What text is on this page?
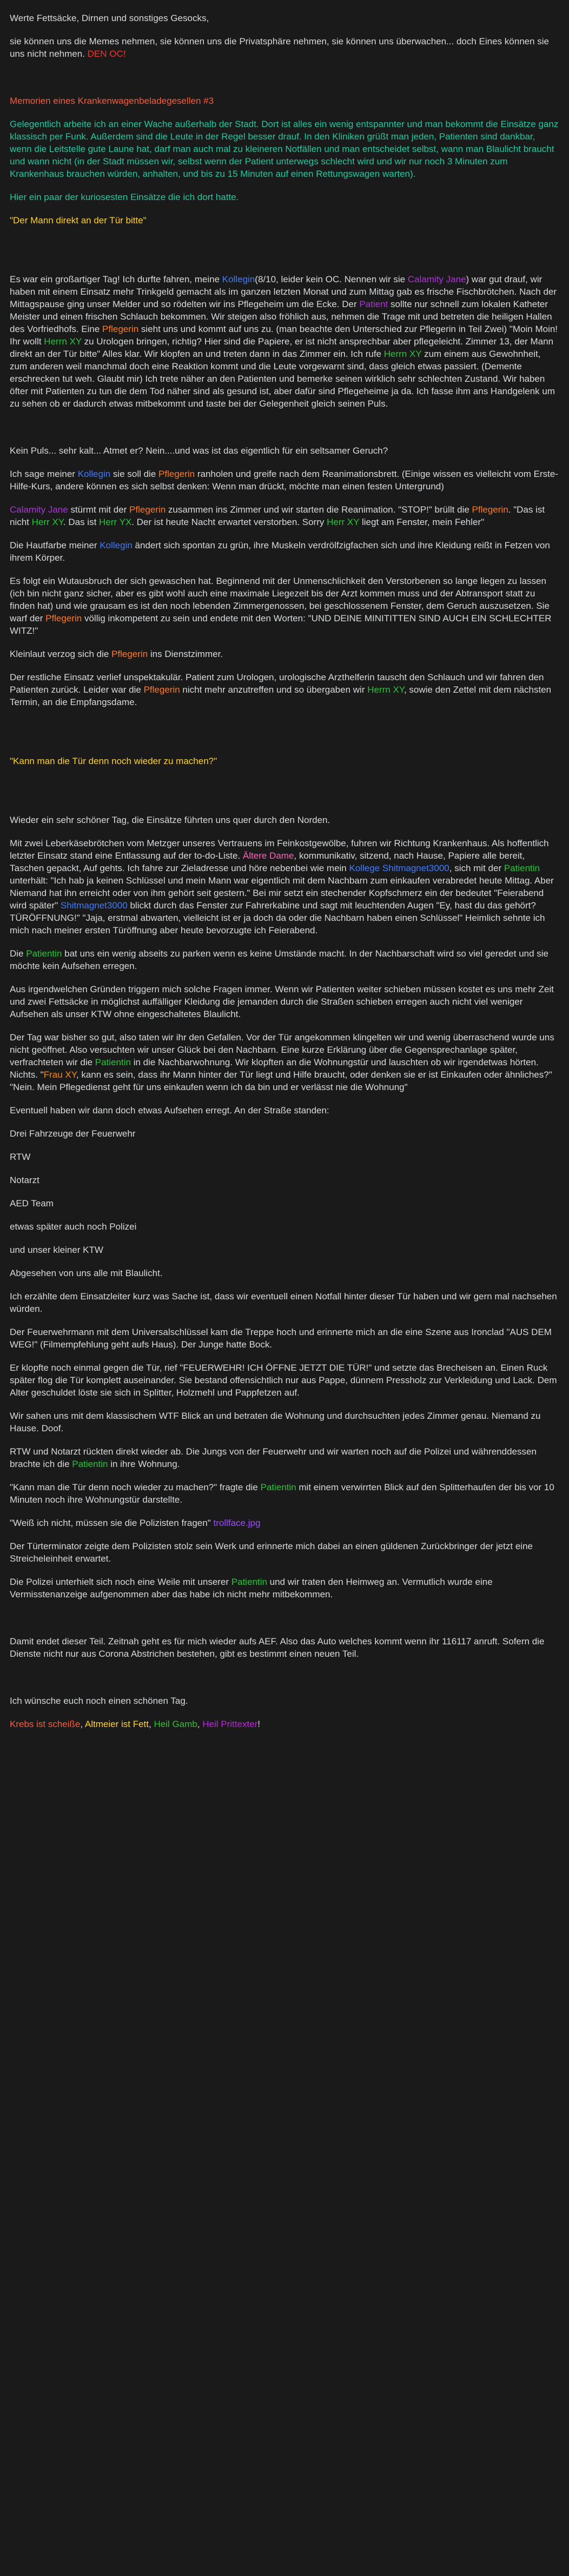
Werte Fettsäcke, Dirnen und sonstiges Gesocks,

sie können uns die Memes nehmen, sie können uns die Privatsphäre nehmen, sie können uns überwachen... doch Eines können sie uns nicht nehmen. DEN OC!

Memorien eines Krankenwagenbeladegesellen #3

Gelegentlich arbeite ich an einer Wache außerhalb der Stadt. Dort ist alles ein wenig entspannter und man bekommt die Einsätze ganz klassisch per Funk. Außerdem sind die Leute in der Regel besser drauf. In den Kliniken grüßt man jeden, Patienten sind dankbar, wenn die Leitstelle gute Laune hat, darf man auch mal zu kleineren Notfällen und man entscheidet selbst, wann man Blaulicht braucht und wann nicht (in der Stadt müssen wir, selbst wenn der Patient unterwegs schlecht wird und wir nur noch 3 Minuten zum Krankenhaus brauchen würden, anhalten, und bis zu 15 Minuten auf einen Rettungswagen warten).

Hier ein paar der kuriosesten Einsätze die ich dort hatte.

"Der Mann direkt an der Tür bitte"

Es war ein großartiger Tag! Ich durfte fahren, meine Kollegin(8/10, leider kein OC. Nennen wir sie Calamity Jane) war gut drauf, wir haben mit einem Einsatz mehr Trinkgeld gemacht als im ganzen letzten Monat und zum Mittag gab es frische Fischbrötchen. Nach der Mittagspause ging unser Melder und so rödelten wir ins Pflegeheim um die Ecke. Der Patient sollte nur schnell zum lokalen Katheter Meister und einen frischen Schlauch bekommen. Wir steigen also fröhlich aus, nehmen die Trage mit und betreten die heiligen Hallen des Vorfriedhofs. Eine Pflegerin sieht uns und kommt auf uns zu. (man beachte den Unterschied zur Pflegerin in Teil Zwei) "Moin Moin! Ihr wollt Herrn XY zu Urologen bringen, richtig? Hier sind die Papiere, er ist nicht ansprechbar aber pflegeleicht. Zimmer 13, der Mann direkt an der Tür bitte" Alles klar. Wir klopfen an und treten dann in das Zimmer ein. Ich rufe Herrn XY zum einem aus Gewohnheit, zum anderen weil manchmal doch eine Reaktion kommt und die Leute vorgewarnt sind, dass gleich etwas passiert. (Demente erschrecken tut weh. Glaubt mir) Ich trete näher an den Patienten und bemerke seinen wirklich sehr schlechten Zustand. Wir haben öfter mit Patienten zu tun die dem Tod näher sind als gesund ist, aber dafür sind Pflegeheime ja da. Ich fasse ihm ans Handgelenk um zu sehen ob er dadurch etwas mitbekommt und taste bei der Gelegenheit gleich seinen Puls.

Kein Puls... sehr kalt... Atmet er? Nein....und was ist das eigentlich für ein seltsamer Geruch?

Ich sage meiner Kollegin sie soll die Pflegerin ranholen und greife nach dem Reanimationsbrett. (Einige wissen es vielleicht vom Erste-Hilfe-Kurs, andere können es sich selbst denken: Wenn man drückt, möchte man einen festen Untergrund)

Calamity Jane stürmt mit der Pflegerin zusammen ins Zimmer und wir starten die Reanimation. "STOP!" brüllt die Pflegerin. "Das ist nicht Herr XY. Das ist Herr YX. Der ist heute Nacht erwartet verstorben. Sorry Herr XY liegt am Fenster, mein Fehler"

Die Hautfarbe meiner Kollegin ändert sich spontan zu grün, ihre Muskeln verdrölfzigfachen sich und ihre Kleidung reißt in Fetzen von ihrem Körper.

Es folgt ein Wutausbruch der sich gewaschen hat. Beginnend mit der Unmenschlichkeit den Verstorbenen so lange liegen zu lassen (ich bin nicht ganz sicher, aber es gibt wohl auch eine maximale Liegezeit bis der Arzt kommen muss und der Abtransport statt zu finden hat) und wie grausam es ist den noch lebenden Zimmergenossen, bei geschlossenem Fenster, dem Geruch auszusetzen. Sie warf der Pflegerin völlig inkompetent zu sein und endete mit den Worten: "UND DEINE MINITITTEN SIND AUCH EIN SCHLECHTER WITZ!"

Kleinlaut verzog sich die Pflegerin ins Dienstzimmer.

Der restliche Einsatz verlief unspektakulär. Patient zum Urologen, urologische Arzthelferin tauscht den Schlauch und wir fahren den Patienten zurück. Leider war die Pflegerin nicht mehr anzutreffen und so übergaben wir Herrn XY, sowie den Zettel mit dem nächsten Termin, an die Empfangsdame.

"Kann man die Tür denn noch wieder zu machen?"

Wieder ein sehr schöner Tag, die Einsätze führten uns quer durch den Norden.

Mit zwei Leberkäsebrötchen vom Metzger unseres Vertrauens im Feinkostgewölbe, fuhren wir Richtung Krankenhaus. Als hoffentlich letzter Einsatz stand eine Entlassung auf der to-do-Liste. Ältere Dame, kommunikativ, sitzend, nach Hause, Papiere alle bereit, Taschen gepackt, Auf gehts. Ich fahre zur Zieladresse und höre nebenbei wie mein Kollege Shitmagnet3000, sich mit der Patientin unterhält: "Ich hab ja keinen Schlüssel und mein Mann war eigentlich mit dem Nachbarn zum einkaufen verabredet heute Mittag. Aber Niemand hat ihn erreicht oder von ihm gehört seit gestern." Bei mir setzt ein stechender Kopfschmerz ein der bedeutet "Feierabend wird später" Shitmagnet3000 blickt durch das Fenster zur Fahrerkabine und sagt mit leuchtenden Augen "Ey, hast du das gehört? TÜRÖFFNUNG!" "Jaja, erstmal abwarten, vielleicht ist er ja doch da oder die Nachbarn haben einen Schlüssel" Heimlich sehnte ich mich nach meiner ersten Türöffnung aber heute bevorzugte ich Feierabend.

Die Patientin bat uns ein wenig abseits zu parken wenn es keine Umstände macht. In der Nachbarschaft wird so viel geredet und sie möchte kein Aufsehen erregen.

Aus irgendwelchen Gründen triggern mich solche Fragen immer. Wenn wir Patienten weiter schieben müssen kostet es uns mehr Zeit und zwei Fettsäcke in möglichst auffälliger Kleidung die jemanden durch die Straßen schieben erregen auch nicht viel weniger Aufsehen als unser KTW ohne eingeschaltetes Blaulicht.

Der Tag war bisher so gut, also taten wir ihr den Gefallen. Vor der Tür angekommen klingelten wir und wenig überraschend wurde uns nicht geöffnet. Also versuchten wir unser Glück bei den Nachbarn. Eine kurze Erklärung über die Gegensprechanlage später, verfrachteten wir die Patientin in die Nachbarwohnung. Wir klopften an die Wohnungstür und lauschten ob wir irgendetwas hörten. Nichts. "Frau XY, kann es sein, dass ihr Mann hinter der Tür liegt und Hilfe braucht, oder denken sie er ist Einkaufen oder ähnliches?" "Nein. Mein Pflegedienst geht für uns einkaufen wenn ich da bin und er verlässt nie die Wohnung"

Eventuell haben wir dann doch etwas Aufsehen erregt. An der Straße standen:

Drei Fahrzeuge der Feuerwehr

RTW

Notarzt

AED Team

etwas später auch noch Polizei

und unser kleiner KTW

Abgesehen von uns alle mit Blaulicht.

Ich erzählte dem Einsatzleiter kurz was Sache ist, dass wir eventuell einen Notfall hinter dieser Tür haben und wir gern mal nachsehen würden.

Der Feuerwehrmann mit dem Universalschlüssel kam die Treppe hoch und erinnerte mich an die eine Szene aus Ironclad "AUS DEM WEG!" (Filmempfehlung geht aufs Haus). Der Junge hatte Bock.

Er klopfte noch einmal gegen die Tür, rief "FEUERWEHR! ICH ÖFFNE JETZT DIE TÜR!" und setzte das Brecheisen an. Einen Ruck später flog die Tür komplett auseinander. Sie bestand offensichtlich nur aus Pappe, dünnem Pressholz zur Verkleidung und Lack. Dem Alter geschuldet löste sie sich in Splitter, Holzmehl und Pappfetzen auf.

Wir sahen uns mit dem klassischem WTF Blick an und betraten die Wohnung und durchsuchten jedes Zimmer genau. Niemand zu Hause. Doof.

RTW und Notarzt rückten direkt wieder ab. Die Jungs von der Feuerwehr und wir warten noch auf die Polizei und währenddessen brachte ich die Patientin in ihre Wohnung.

"Kann man die Tür denn noch wieder zu machen?" fragte die Patientin mit einem verwirrten Blick auf den Splitterhaufen der bis vor 10 Minuten noch ihre Wohnungstür darstellte.

"Weiß ich nicht, müssen sie die Polizisten fragen" trollface.jpg

Der Türterminator zeigte dem Polizisten stolz sein Werk und erinnerte mich dabei an einen güldenen Zurückbringer der jetzt eine Streicheleinheit erwartet.

Die Polizei unterhielt sich noch eine Weile mit unserer Patientin und wir traten den Heimweg an. Vermutlich wurde eine Vermisstenanzeige aufgenommen aber das habe ich nicht mehr mitbekommen.

Damit endet dieser Teil. Zeitnah geht es für mich wieder aufs AEF. Also das Auto welches kommt wenn ihr 116117 anruft. Sofern die Dienste nicht nur aus Corona Abstrichen bestehen, gibt es bestimmt einen neuen Teil.

Ich wünsche euch noch einen schönen Tag.

Krebs ist scheiße, Altmeier ist Fett, Heil Gamb, Heil Prittexter!
